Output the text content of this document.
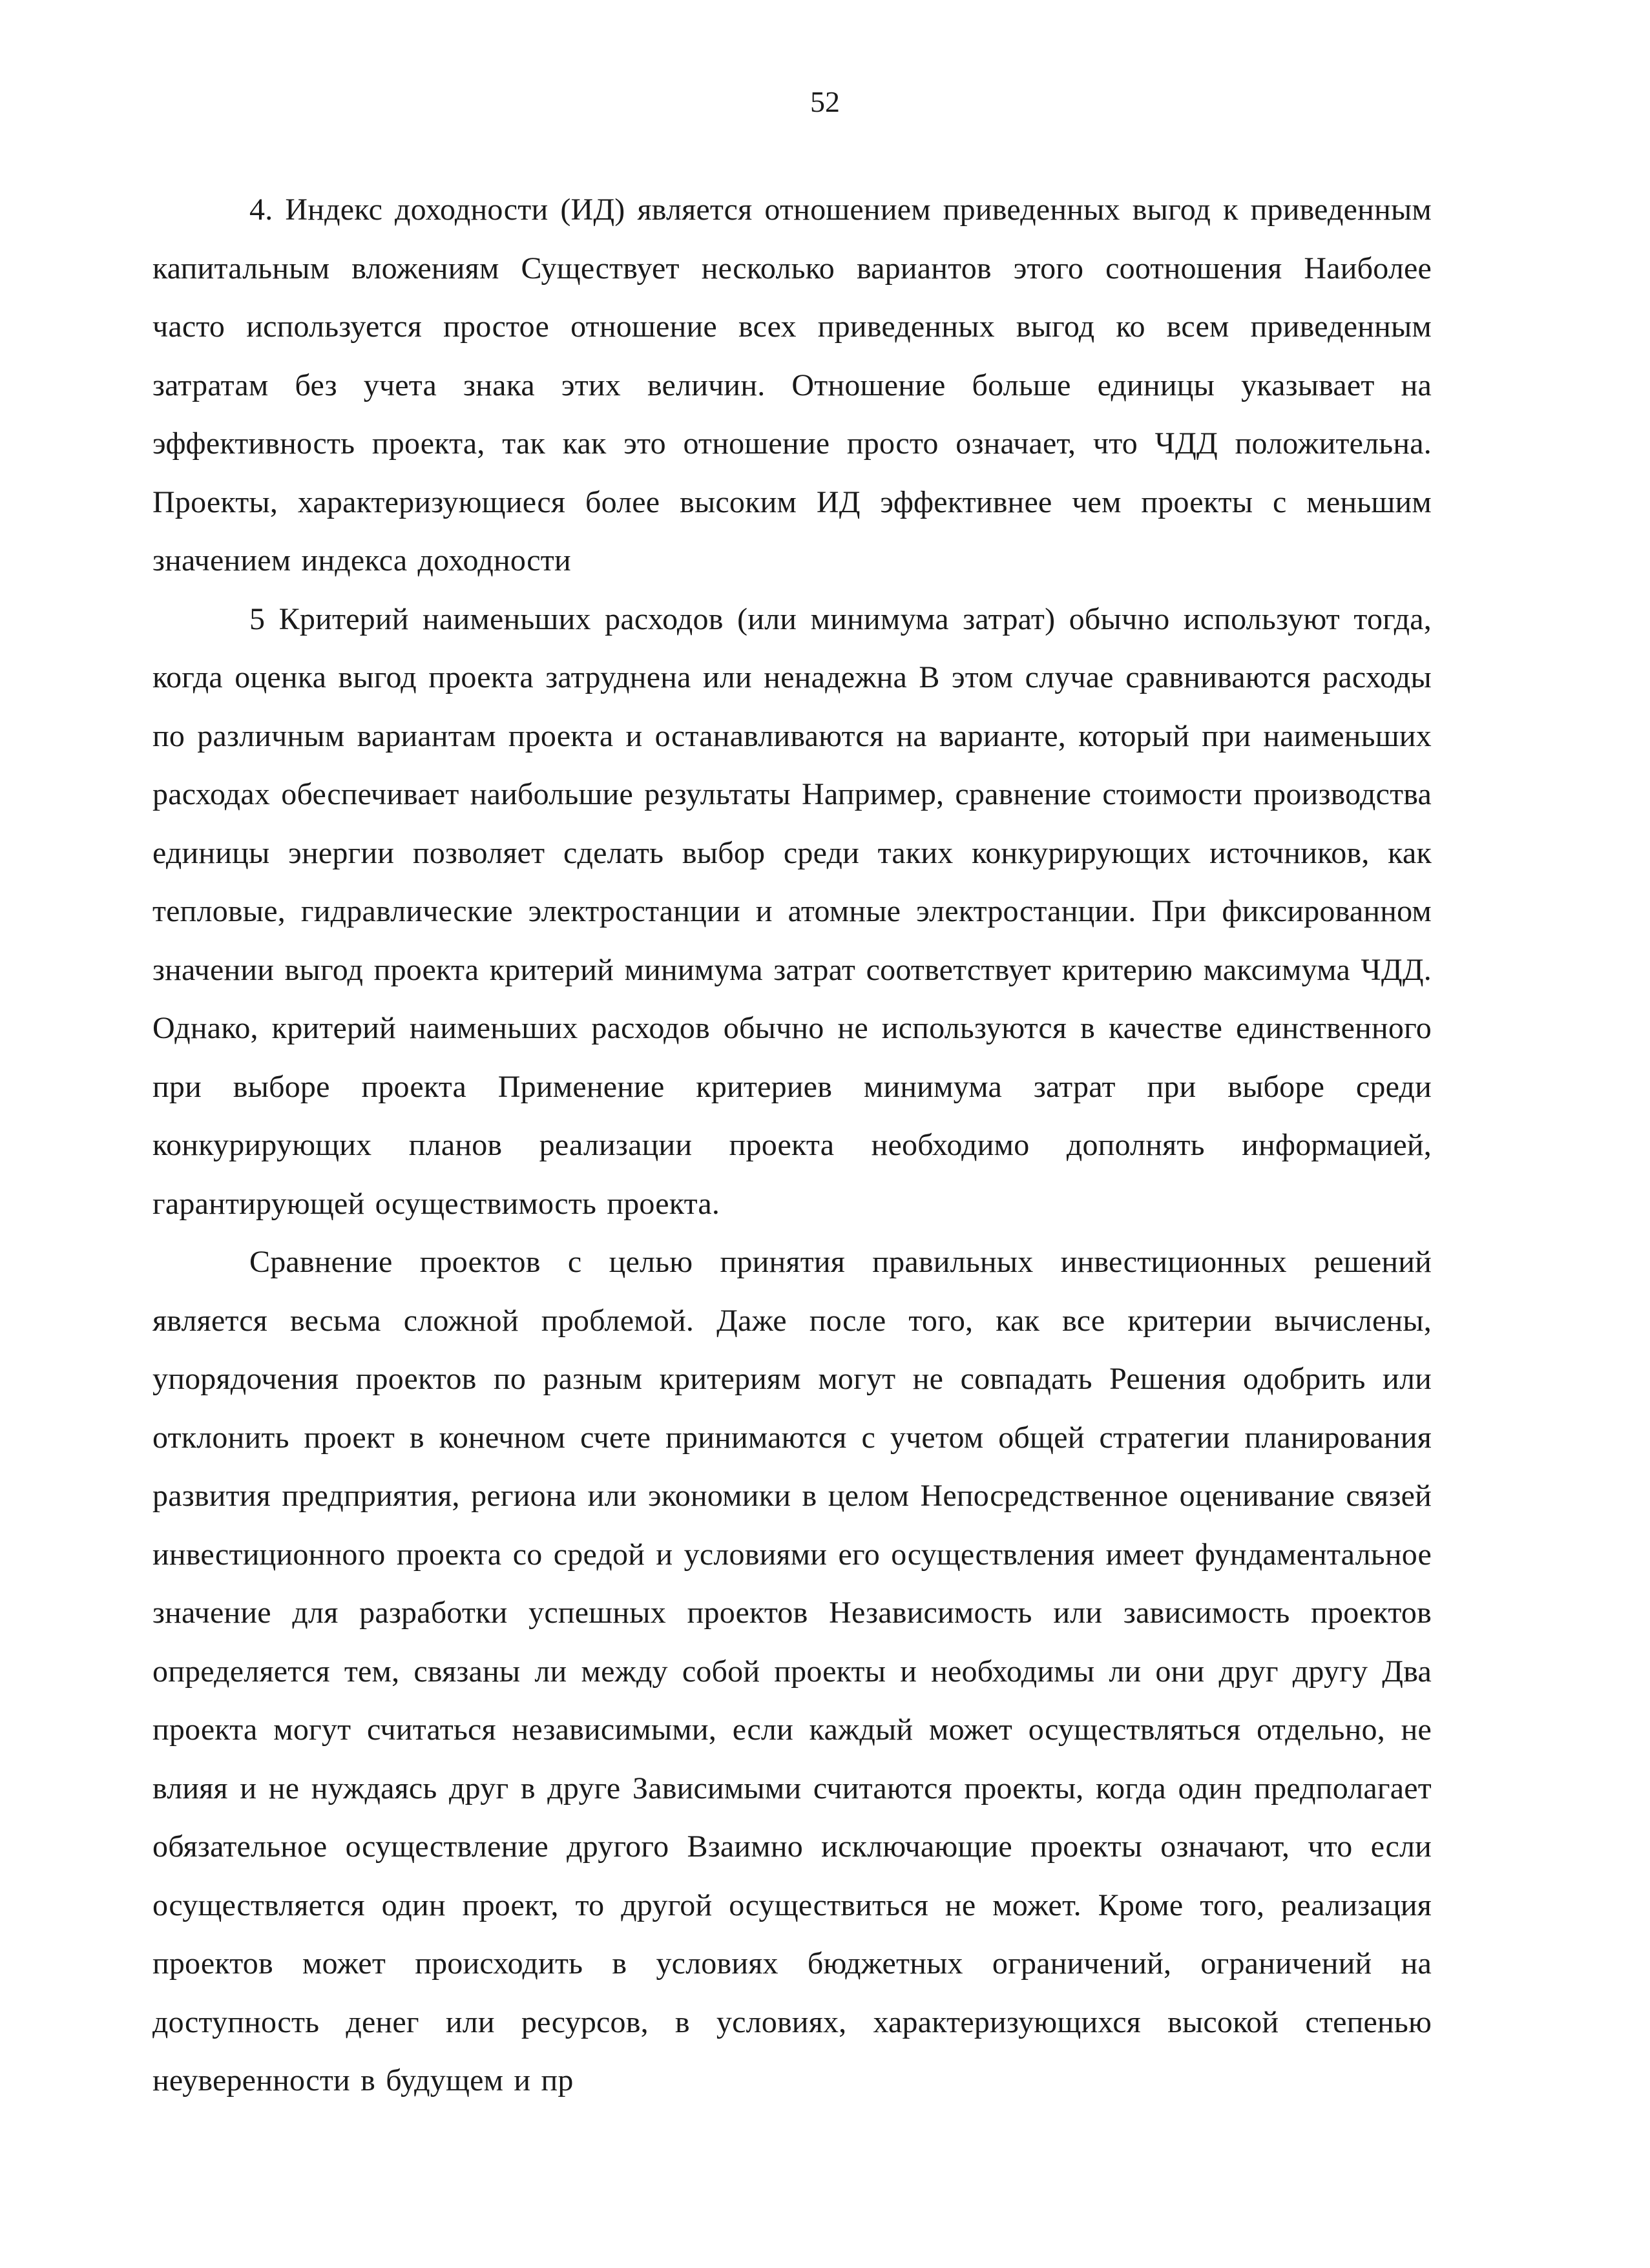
52

4. Индекс доходности (ИД) является отношением приведенных выгод к приведенным капитальным вложениям Существует несколько вариантов этого соотношения Наиболее часто используется простое отношение всех приведенных выгод ко всем приведенным затратам без учета знака этих величин. Отношение больше единицы указывает на эффективность проекта, так как это отношение просто означает, что ЧДД положительна. Проекты, характеризующиеся более высоким ИД эффективнее чем проекты с меньшим значением индекса доходности

5 Критерий наименьших расходов (или минимума затрат) обычно используют тогда, когда оценка выгод проекта затруднена или ненадежна В этом случае сравниваются расходы по различным вариантам проекта и останавливаются на варианте, который при наименьших расходах обеспечивает наибольшие результаты Например, сравнение стоимости производства единицы энергии позволяет сделать выбор среди таких конкурирующих источников, как тепловые, гидравлические электростанции и атомные электростанции. При фиксированном значении выгод проекта критерий минимума затрат соответствует критерию максимума ЧДД. Однако, критерий наименьших расходов обычно не используются в качестве единственного при выборе проекта Применение критериев минимума затрат при выборе среди конкурирующих планов реализации проекта необходимо дополнять информацией, гарантирующей осуществимость проекта.

Сравнение проектов с целью принятия правильных инвестиционных решений является весьма сложной проблемой. Даже после того, как все критерии вычислены, упорядочения проектов по разным критериям могут не совпадать Решения одобрить или отклонить проект в конечном счете принимаются с учетом общей стратегии планирования развития предприятия, региона или экономики в целом Непосредственное оценивание связей инвестиционного проекта со средой и условиями его осуществления имеет фундаментальное значение для разработки успешных проектов Независимость или зависимость проектов определяется тем, связаны ли между собой проекты и необходимы ли они друг другу Два проекта могут считаться независимыми, если каждый может осуществляться отдельно, не влияя и не нуждаясь друг в друге Зависимыми считаются проекты, когда один предполагает обязательное осуществление другого Взаимно исключающие проекты означают, что если осуществляется один проект, то другой осуществиться не может. Кроме того, реализация проектов может происходить в условиях бюджетных ограничений, ограничений на доступность денег или ресурсов, в условиях, характеризующихся высокой степенью неуверенности в будущем и пр
